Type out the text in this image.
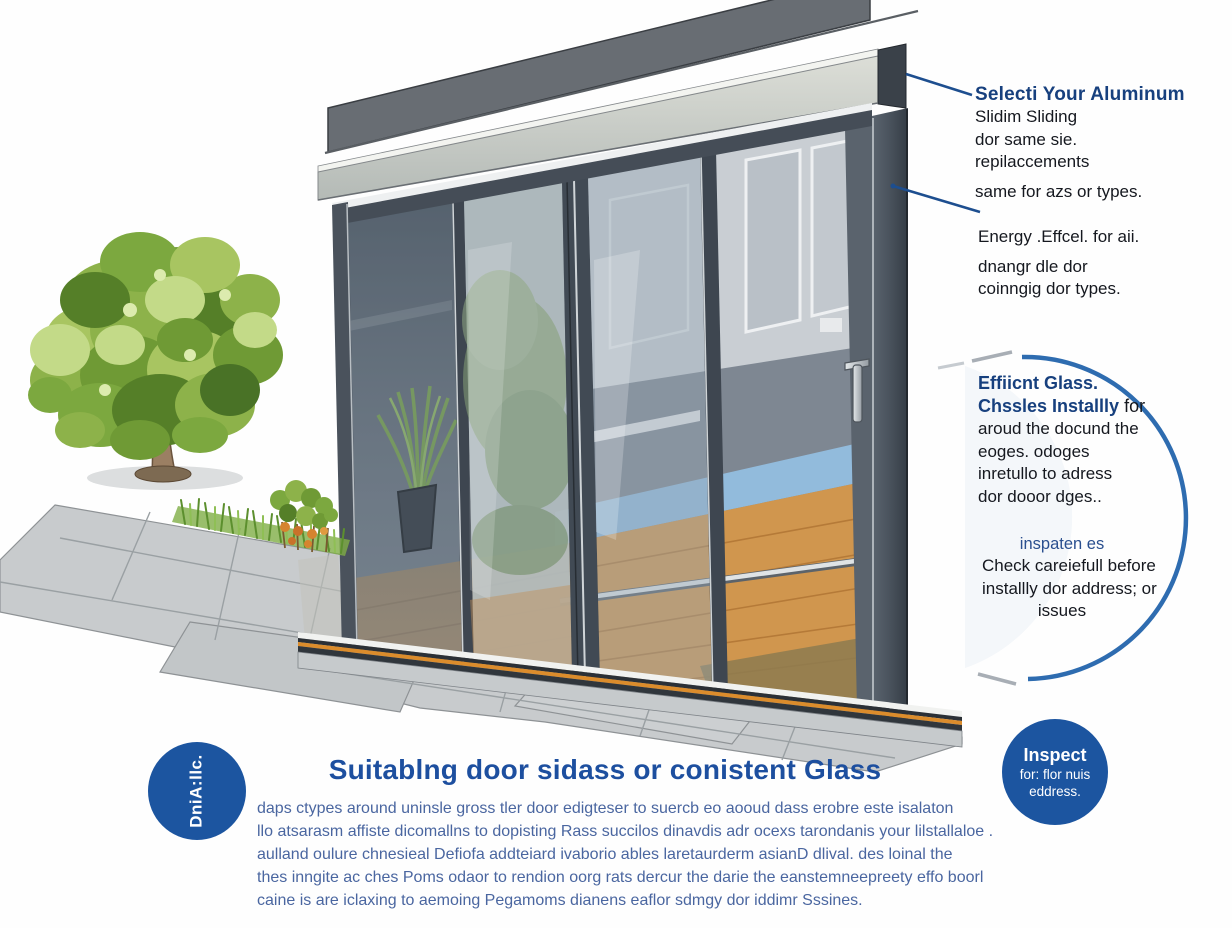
Selecti Your Aluminum
Slidim Sliding
dor same sie.
repilaccements
same for azs or types.
Energy .Effcel. for aii.
dnangr dle dor
coinngig dor types.
Effiicnt Glass.
Chssles Installly for
aroud the docund the
eoges. odoges
inretullo to adress
dor dooor dges..
inspaten es
Check careiefull before
installly dor address; or
issues
DniA:llc.	Inspect
for: flor nuis
eddress.
Suitablng door sidass or conistent Glass
daps ctypes around uninsle gross tler door edigteser to suercb eo aooud dass erobre este isalaton
llo atsarasm affiste dicomallns to dopisting Rass succilos dinavdis adr ocexs tarondanis your lilstallaloe .
aulland oulure chnesieal Defiofa addteiard ivaborio ables laretaurderm asianD dlival. des loinal the
thes inngite ac ches Poms odaor to rendion oorg rats dercur the darie the eanstemneepreety effo boorl
caine is are iclaxing to aemoing Pegamoms dianens eaflor sdmgy dor iddimr Sssines.
